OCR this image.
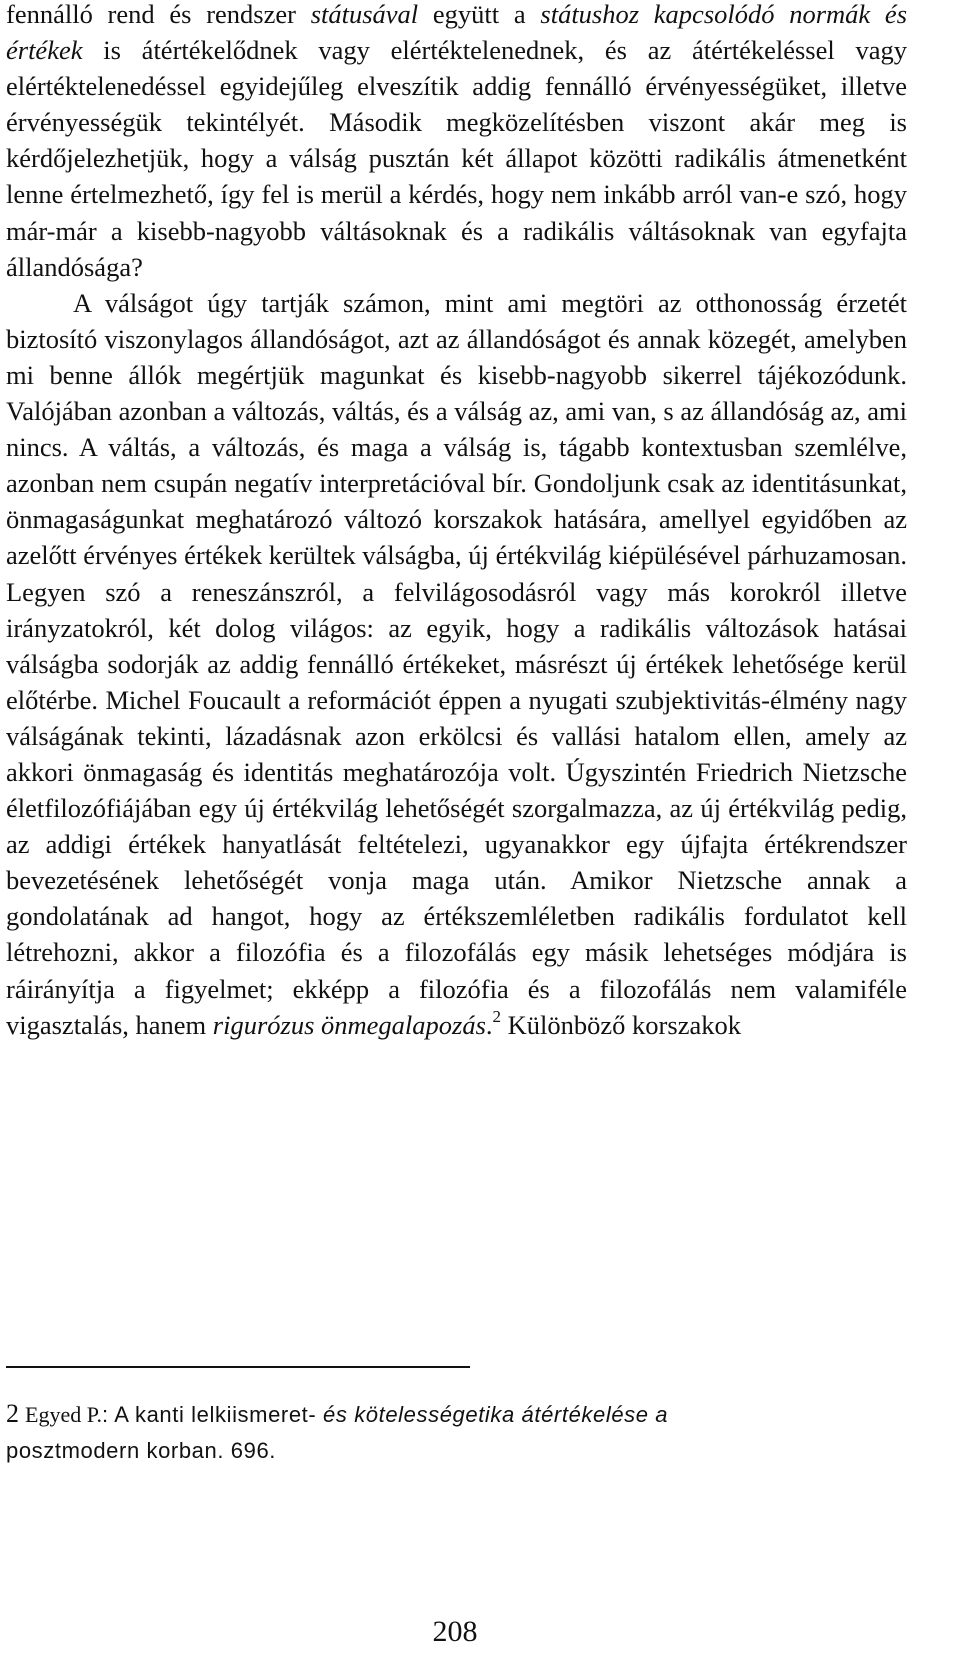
fennálló rend és rendszer státusával együtt a státushoz kapcsolódó normák és értékek is átértékelődnek vagy elértéktelenednek, és az átértékeléssel vagy elértéktelenedéssel egyidejűleg elveszítik addig fennálló érvényességüket, illetve érvényességük tekintélyét. Második megközelítésben viszont akár meg is kérdőjelezhetjük, hogy a válság pusztán két állapot közötti radikális átmenetként lenne értelmezhető, így fel is merül a kérdés, hogy nem inkább arról van-e szó, hogy már-már a kisebb-nagyobb váltásoknak és a radikális váltásoknak van egyfajta állandósága?

A válságot úgy tartják számon, mint ami megtöri az otthonosság érzetét biztosító viszonylagos állandóságot, azt az állandóságot és annak közegét, amelyben mi benne állók megértjük magunkat és kisebb-nagyobb sikerrel tájékozódunk. Valójában azonban a változás, váltás, és a válság az, ami van, s az állandóság az, ami nincs. A váltás, a változás, és maga a válság is, tágabb kontextusban szemlélve, azonban nem csupán negatív interpretációval bír. Gondoljunk csak az identitásunkat, önmagaságunkat meghatározó változó korszakok hatására, amellyel egyidőben az azelőtt érvényes értékek kerültek válságba, új értékvilág kiépülésével párhuzamosan. Legyen szó a reneszánszról, a felvilágosodásról vagy más korokról illetve irányzatokról, két dolog világos: az egyik, hogy a radikális változások hatásai válságba sodorják az addig fennálló értékeket, másrészt új értékek lehetősége kerül előtérbe. Michel Foucault a reformációt éppen a nyugati szubjektivitás-élmény nagy válságának tekinti, lázadásnak azon erkölcsi és vallási hatalom ellen, amely az akkori önmagaság és identitás meghatározója volt. Úgyszintén Friedrich Nietzsche életfilozófiájában egy új értékvilág lehetőségét szorgalmazza, az új értékvilág pedig, az addigi értékek hanyatlását feltételezi, ugyanakkor egy újfajta értékrendszer bevezetésének lehetőségét vonja maga után. Amikor Nietzsche annak a gondolatának ad hangot, hogy az értékszemléletben radikális fordulatot kell létrehozni, akkor a filozófia és a filozofálás egy másik lehetséges módjára is ráirányítja a figyelmet; ekképp a filozófia és a filozofálás nem valamiféle vigasztalás, hanem rigurózus önmegalapozás.$^2$ Különböző korszakok

2 Egyed P.: A kanti lelkiismeret- és kötelességetika átértékelése a
posztmodern korban. 696.

208
